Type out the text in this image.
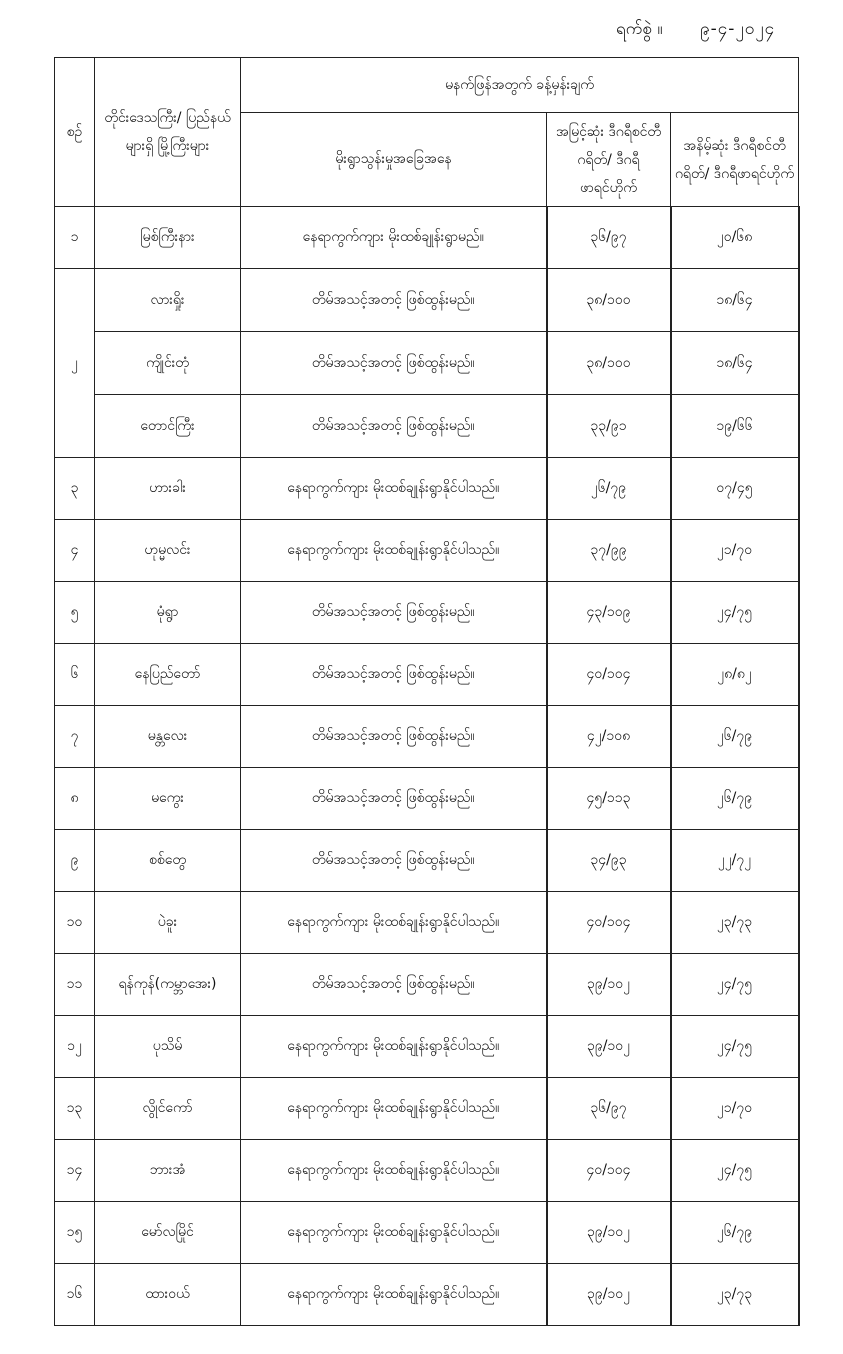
ရက်စွဲ ။ ၉-၄-၂၀၂၄
စဉ်	တိုင်းဒေသကြီး/ ပြည်နယ်များရှိ မြို့ကြီးများ	မနက်ဖြန်အတွက် ခန့်မှန်းချက်		
		မိုးရွာသွန်းမှုအခြေအနေ	အမြင့်ဆုံး ဒီဂရီစင်တီဂရိတ်/ ဒီဂရီဖာရင်ဟိုက်	အနိမ့်ဆုံး ဒီဂရီစင်တီဂရိတ်/ ဒီဂရီဖာရင်ဟိုက်
၁	မြစ်ကြီးနား	နေရာကွက်ကျား မိုးထစ်ချုန်းရွာမည်။	၃၆/၉၇	၂၀/၆၈
၂	လားရှိုး	တိမ်အသင့်အတင့် ဖြစ်ထွန်းမည်။	၃၈/၁၀၀	၁၈/၆၄
	ကျိုင်းတုံ	တိမ်အသင့်အတင့် ဖြစ်ထွန်းမည်။	၃၈/၁၀၀	၁၈/၆၄
	တောင်ကြီး	တိမ်အသင့်အတင့် ဖြစ်ထွန်းမည်။	၃၃/၉၁	၁၉/၆၆
၃	ဟားခါး	နေရာကွက်ကျား မိုးထစ်ချုန်းရွာနိုင်ပါသည်။	၂၆/၇၉	၀၇/၄၅
၄	ဟုမ္မလင်း	နေရာကွက်ကျား မိုးထစ်ချုန်းရွာနိုင်ပါသည်။	၃၇/၉၉	၂၁/၇၀
၅	မုံရွာ	တိမ်အသင့်အတင့် ဖြစ်ထွန်းမည်။	၄၃/၁၀၉	၂၄/၇၅
၆	နေပြည်တော်	တိမ်အသင့်အတင့် ဖြစ်ထွန်းမည်။	၄၀/၁၀၄	၂၈/၈၂
၇	မန္တလေး	တိမ်အသင့်အတင့် ဖြစ်ထွန်းမည်။	၄၂/၁၀၈	၂၆/၇၉
၈	မကွေး	တိမ်အသင့်အတင့် ဖြစ်ထွန်းမည်။	၄၅/၁၁၃	၂၆/၇၉
၉	စစ်တွေ	တိမ်အသင့်အတင့် ဖြစ်ထွန်းမည်။	၃၄/၉၃	၂၂/၇၂
၁၀	ပဲခူး	နေရာကွက်ကျား မိုးထစ်ချုန်းရွာနိုင်ပါသည်။	၄၀/၁၀၄	၂၃/၇၃
၁၁	ရန်ကုန်(ကမ္ဘာအေး)	တိမ်အသင့်အတင့် ဖြစ်ထွန်းမည်။	၃၉/၁၀၂	၂၄/၇၅
၁၂	ပုသိမ်	နေရာကွက်ကျား မိုးထစ်ချုန်းရွာနိုင်ပါသည်။	၃၉/၁၀၂	၂၄/၇၅
၁၃	လွိုင်ကော်	နေရာကွက်ကျား မိုးထစ်ချုန်းရွာနိုင်ပါသည်။	၃၆/၉၇	၂၁/၇၀
၁၄	ဘားအံ	နေရာကွက်ကျား မိုးထစ်ချုန်းရွာနိုင်ပါသည်။	၄၀/၁၀၄	၂၄/၇၅
၁၅	မော်လမြိုင်	နေရာကွက်ကျား မိုးထစ်ချုန်းရွာနိုင်ပါသည်။	၃၉/၁၀၂	၂၆/၇၉
၁၆	ထားဝယ်	နေရာကွက်ကျား မိုးထစ်ချုန်းရွာနိုင်ပါသည်။	၃၉/၁၀၂	၂၃/၇၃
